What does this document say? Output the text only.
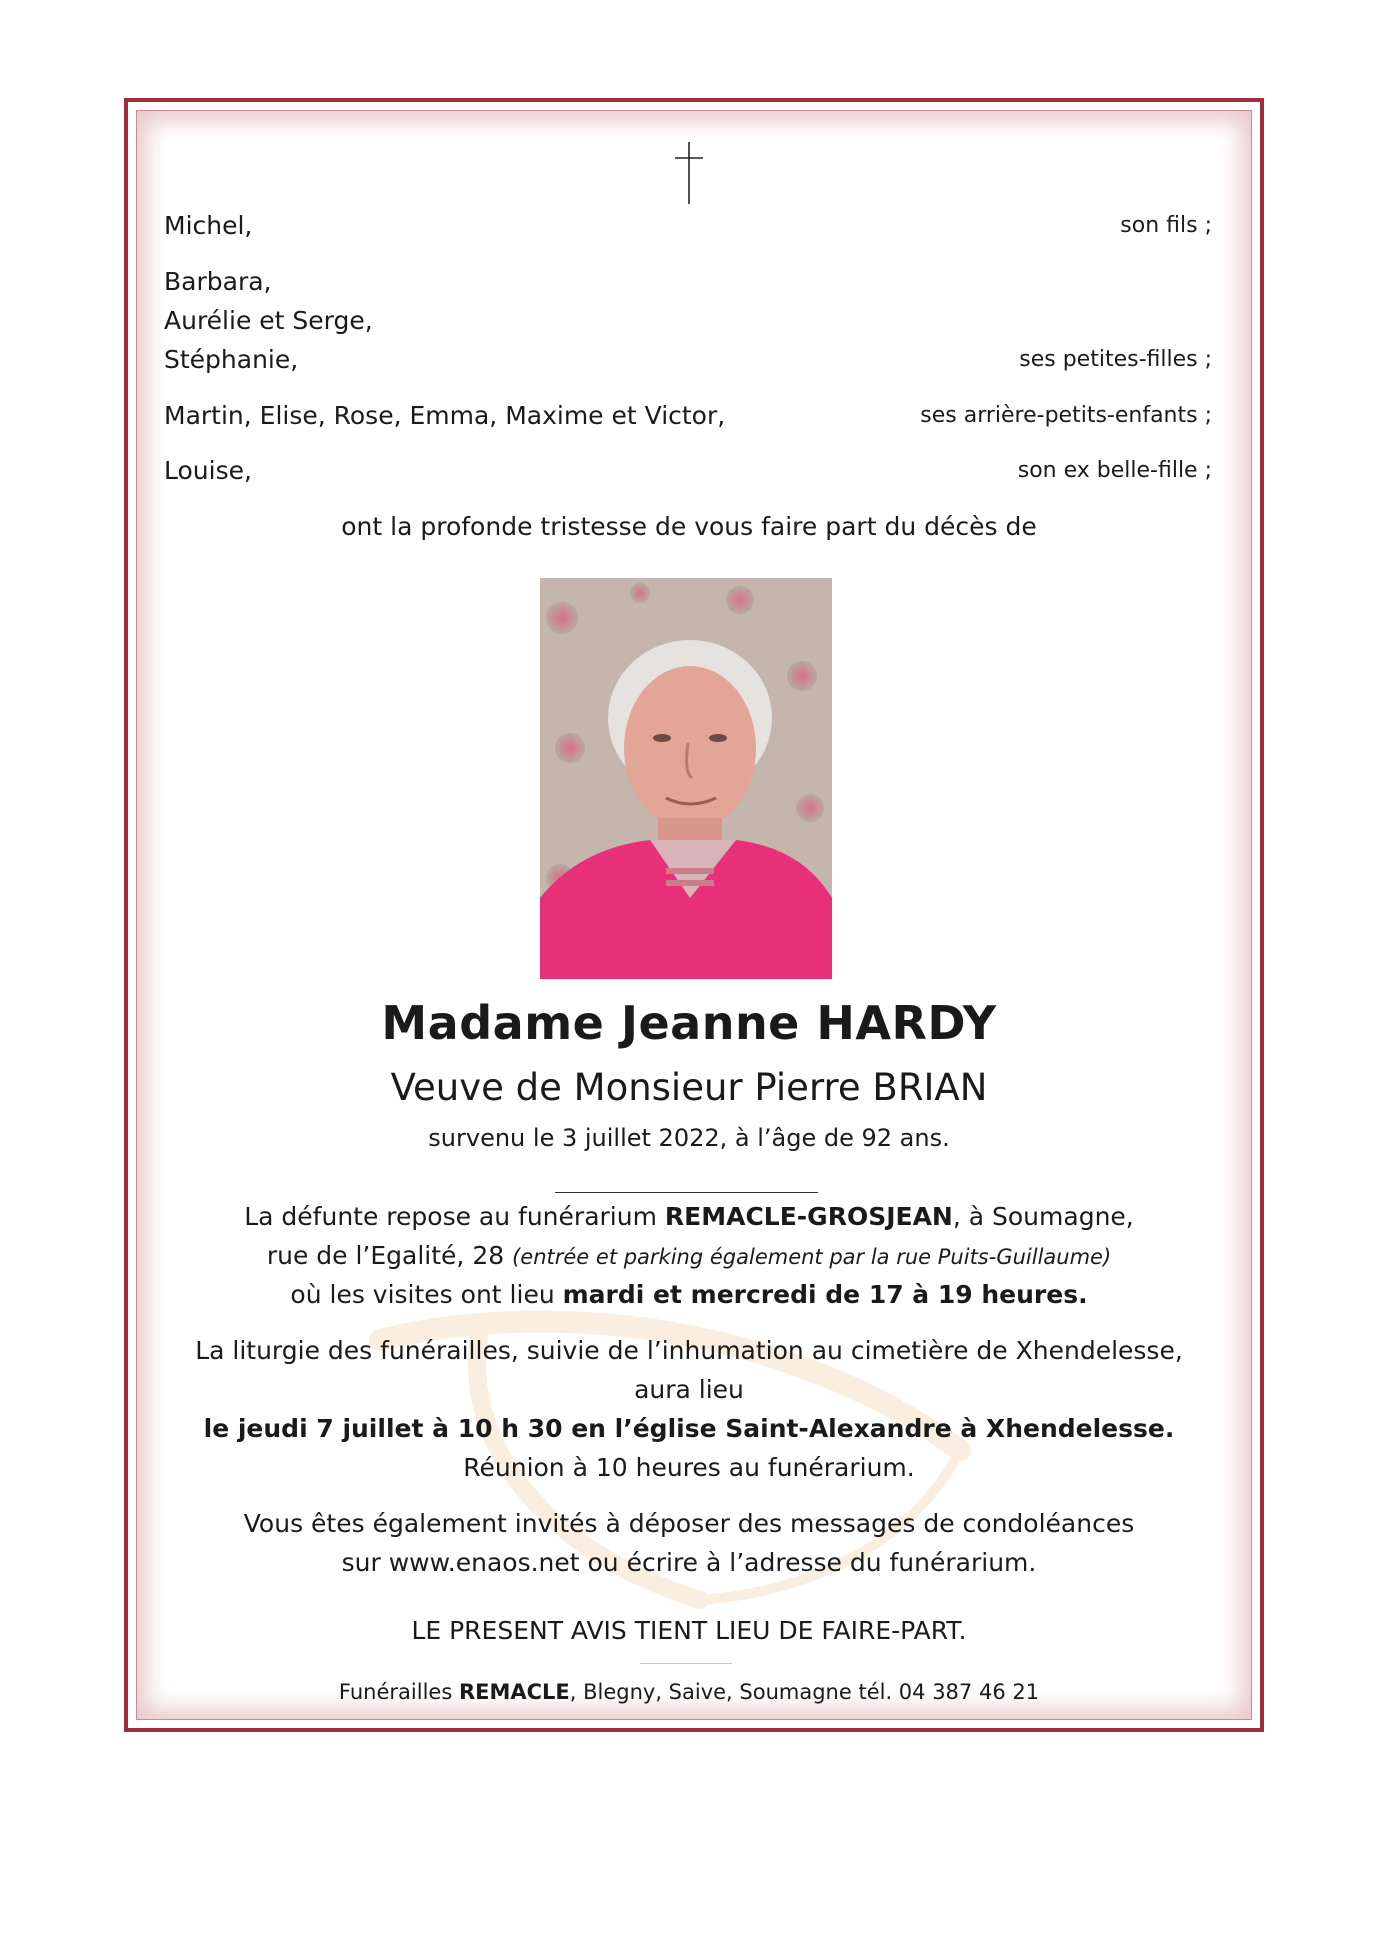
Michel,	son fils ;
Barbara,
Aurélie et Serge,
Stéphanie,	ses petites-filles ;
Martin, Elise, Rose, Emma, Maxime et Victor,	ses arrière-petits-enfants ;
Louise,	son ex belle-fille ;
ont la profonde tristesse de vous faire part du décès de
Madame Jeanne HARDY
Veuve de Monsieur Pierre BRIAN
survenu le 3 juillet 2022, à l’âge de 92 ans.
La défunte repose au funérarium REMACLE-GROSJEAN, à Soumagne,
rue de l’Egalité, 28 (entrée et parking également par la rue Puits-Guillaume)
où les visites ont lieu mardi et mercredi de 17 à 19 heures.
La liturgie des funérailles, suivie de l’inhumation au cimetière de Xhendelesse,
aura lieu
le jeudi 7 juillet à 10 h 30 en l’église Saint-Alexandre à Xhendelesse.
Réunion à 10 heures au funérarium.
Vous êtes également invités à déposer des messages de condoléances
sur www.enaos.net ou écrire à l’adresse du funérarium.
LE PRESENT AVIS TIENT LIEU DE FAIRE-PART.
Funérailles REMACLE, Blegny, Saive, Soumagne tél. 04 387 46 21
